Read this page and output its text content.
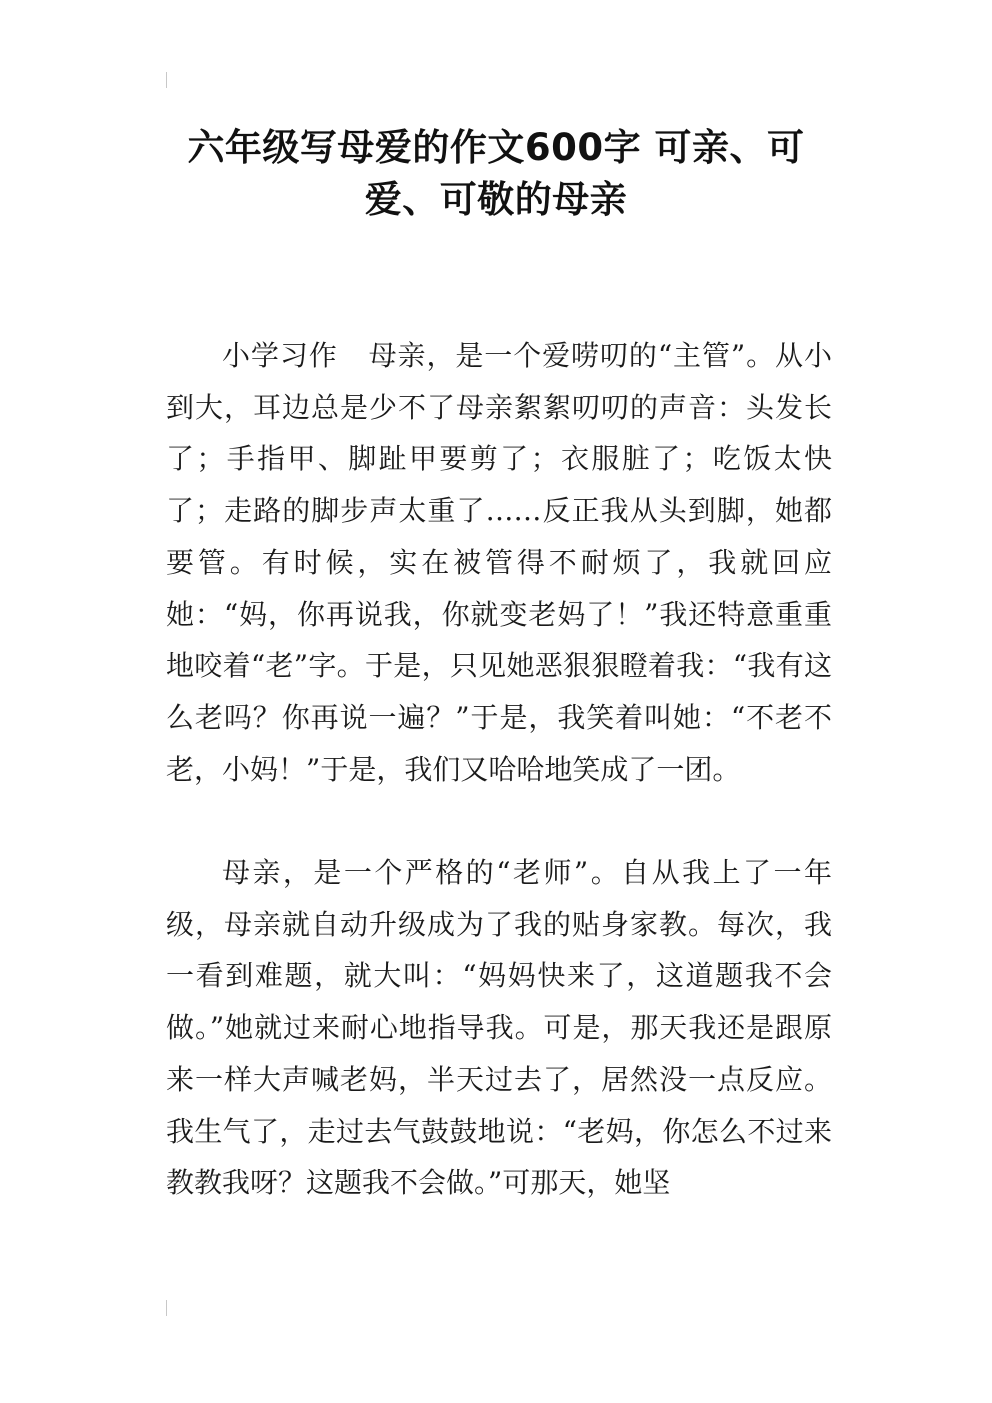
六年级写母爱的作文600字 可亲、可
爱、可敬的母亲

小学习作 母亲，是一个爱唠叨的“主管”。从小到大，耳边总是少不了母亲絮絮叨叨的声音：头发长了；手指甲、脚趾甲要剪了；衣服脏了；吃饭太快了；走路的脚步声太重了……反正我从头到脚，她都要管。有时候，实在被管得不耐烦了，我就回应她：“妈，你再说我，你就变老妈了！”我还特意重重地咬着“老”字。于是，只见她恶狠狠瞪着我：“我有这么老吗？你再说一遍？”于是，我笑着叫她：“不老不老，小妈！”于是，我们又哈哈地笑成了一团。

母亲，是一个严格的“老师”。自从我上了一年级，母亲就自动升级成为了我的贴身家教。每次，我一看到难题，就大叫：“妈妈快来了，这道题我不会做。”她就过来耐心地指导我。可是，那天我还是跟原来一样大声喊老妈，半天过去了，居然没一点反应。我生气了，走过去气鼓鼓地说：“老妈，你怎么不过来教教我呀？这题我不会做。”可那天，她坚
